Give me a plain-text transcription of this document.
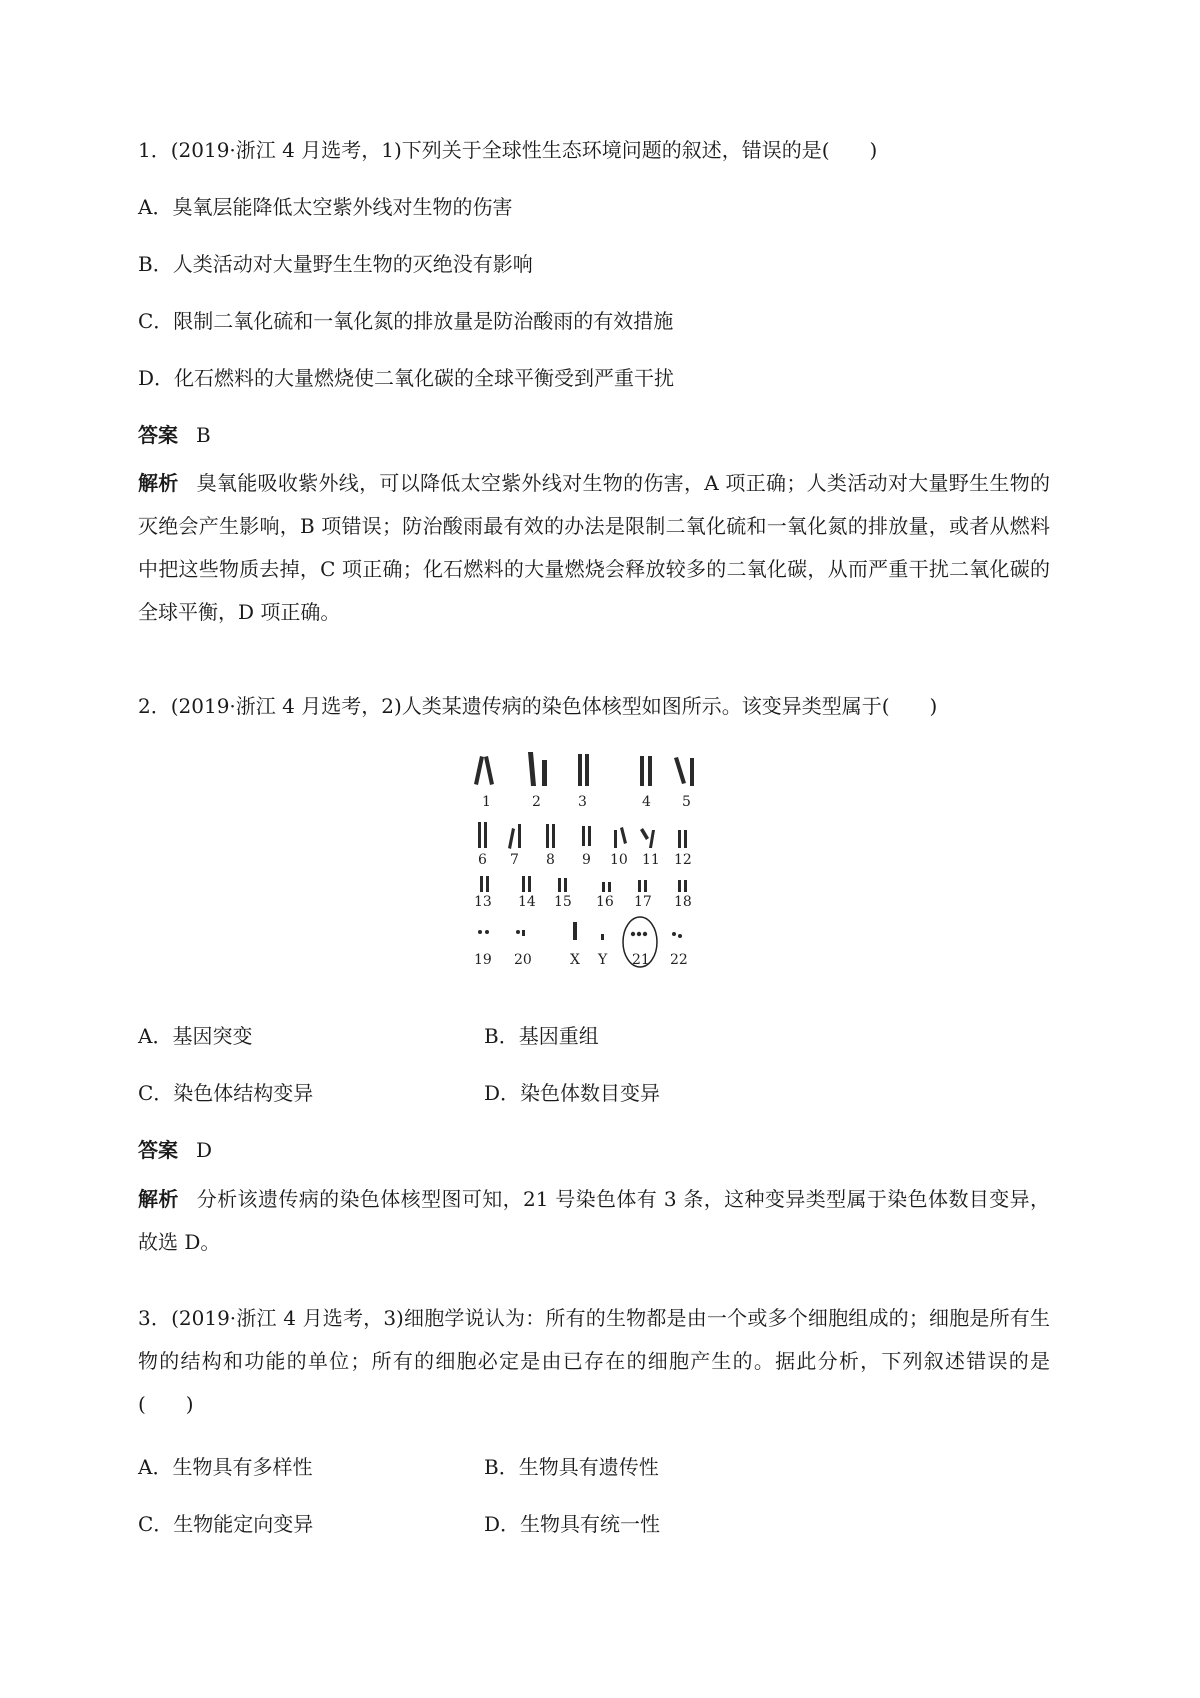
1．(2019·浙江 4 月选考，1)下列关于全球性生态环境问题的叙述，错误的是(　　)
A．臭氧层能降低太空紫外线对生物的伤害
B．人类活动对大量野生生物的灭绝没有影响
C．限制二氧化硫和一氧化氮的排放量是防治酸雨的有效措施
D．化石燃料的大量燃烧使二氧化碳的全球平衡受到严重干扰
答案 B
解析 臭氧能吸收紫外线，可以降低太空紫外线对生物的伤害，A 项正确；人类活动对大量野生生物的灭绝会产生影响，B 项错误；防治酸雨最有效的办法是限制二氧化硫和一氧化氮的排放量，或者从燃料中把这些物质去掉，C 项正确；化石燃料的大量燃烧会释放较多的二氧化碳，从而严重干扰二氧化碳的全球平衡，D 项正确。
2．(2019·浙江 4 月选考，2)人类某遗传病的染色体核型如图所示。该变异类型属于(　　)
1	2	3	4 5
6 7 8 9 10 11 12
13 14 15 16 17 18
19 20	X Y 21 22
A．基因突变	B．基因重组
C．染色体结构变异	D．染色体数目变异
答案 D
解析 分析该遗传病的染色体核型图可知，21 号染色体有 3 条，这种变异类型属于染色体数目变异，故选 D。
3．(2019·浙江 4 月选考，3)细胞学说认为：所有的生物都是由一个或多个细胞组成的；细胞是所有生物的结构和功能的单位；所有的细胞必定是由已存在的细胞产生的。据此分析，下列叙述错误的是(　　)
A．生物具有多样性	B．生物具有遗传性
C．生物能定向变异	D．生物具有统一性
